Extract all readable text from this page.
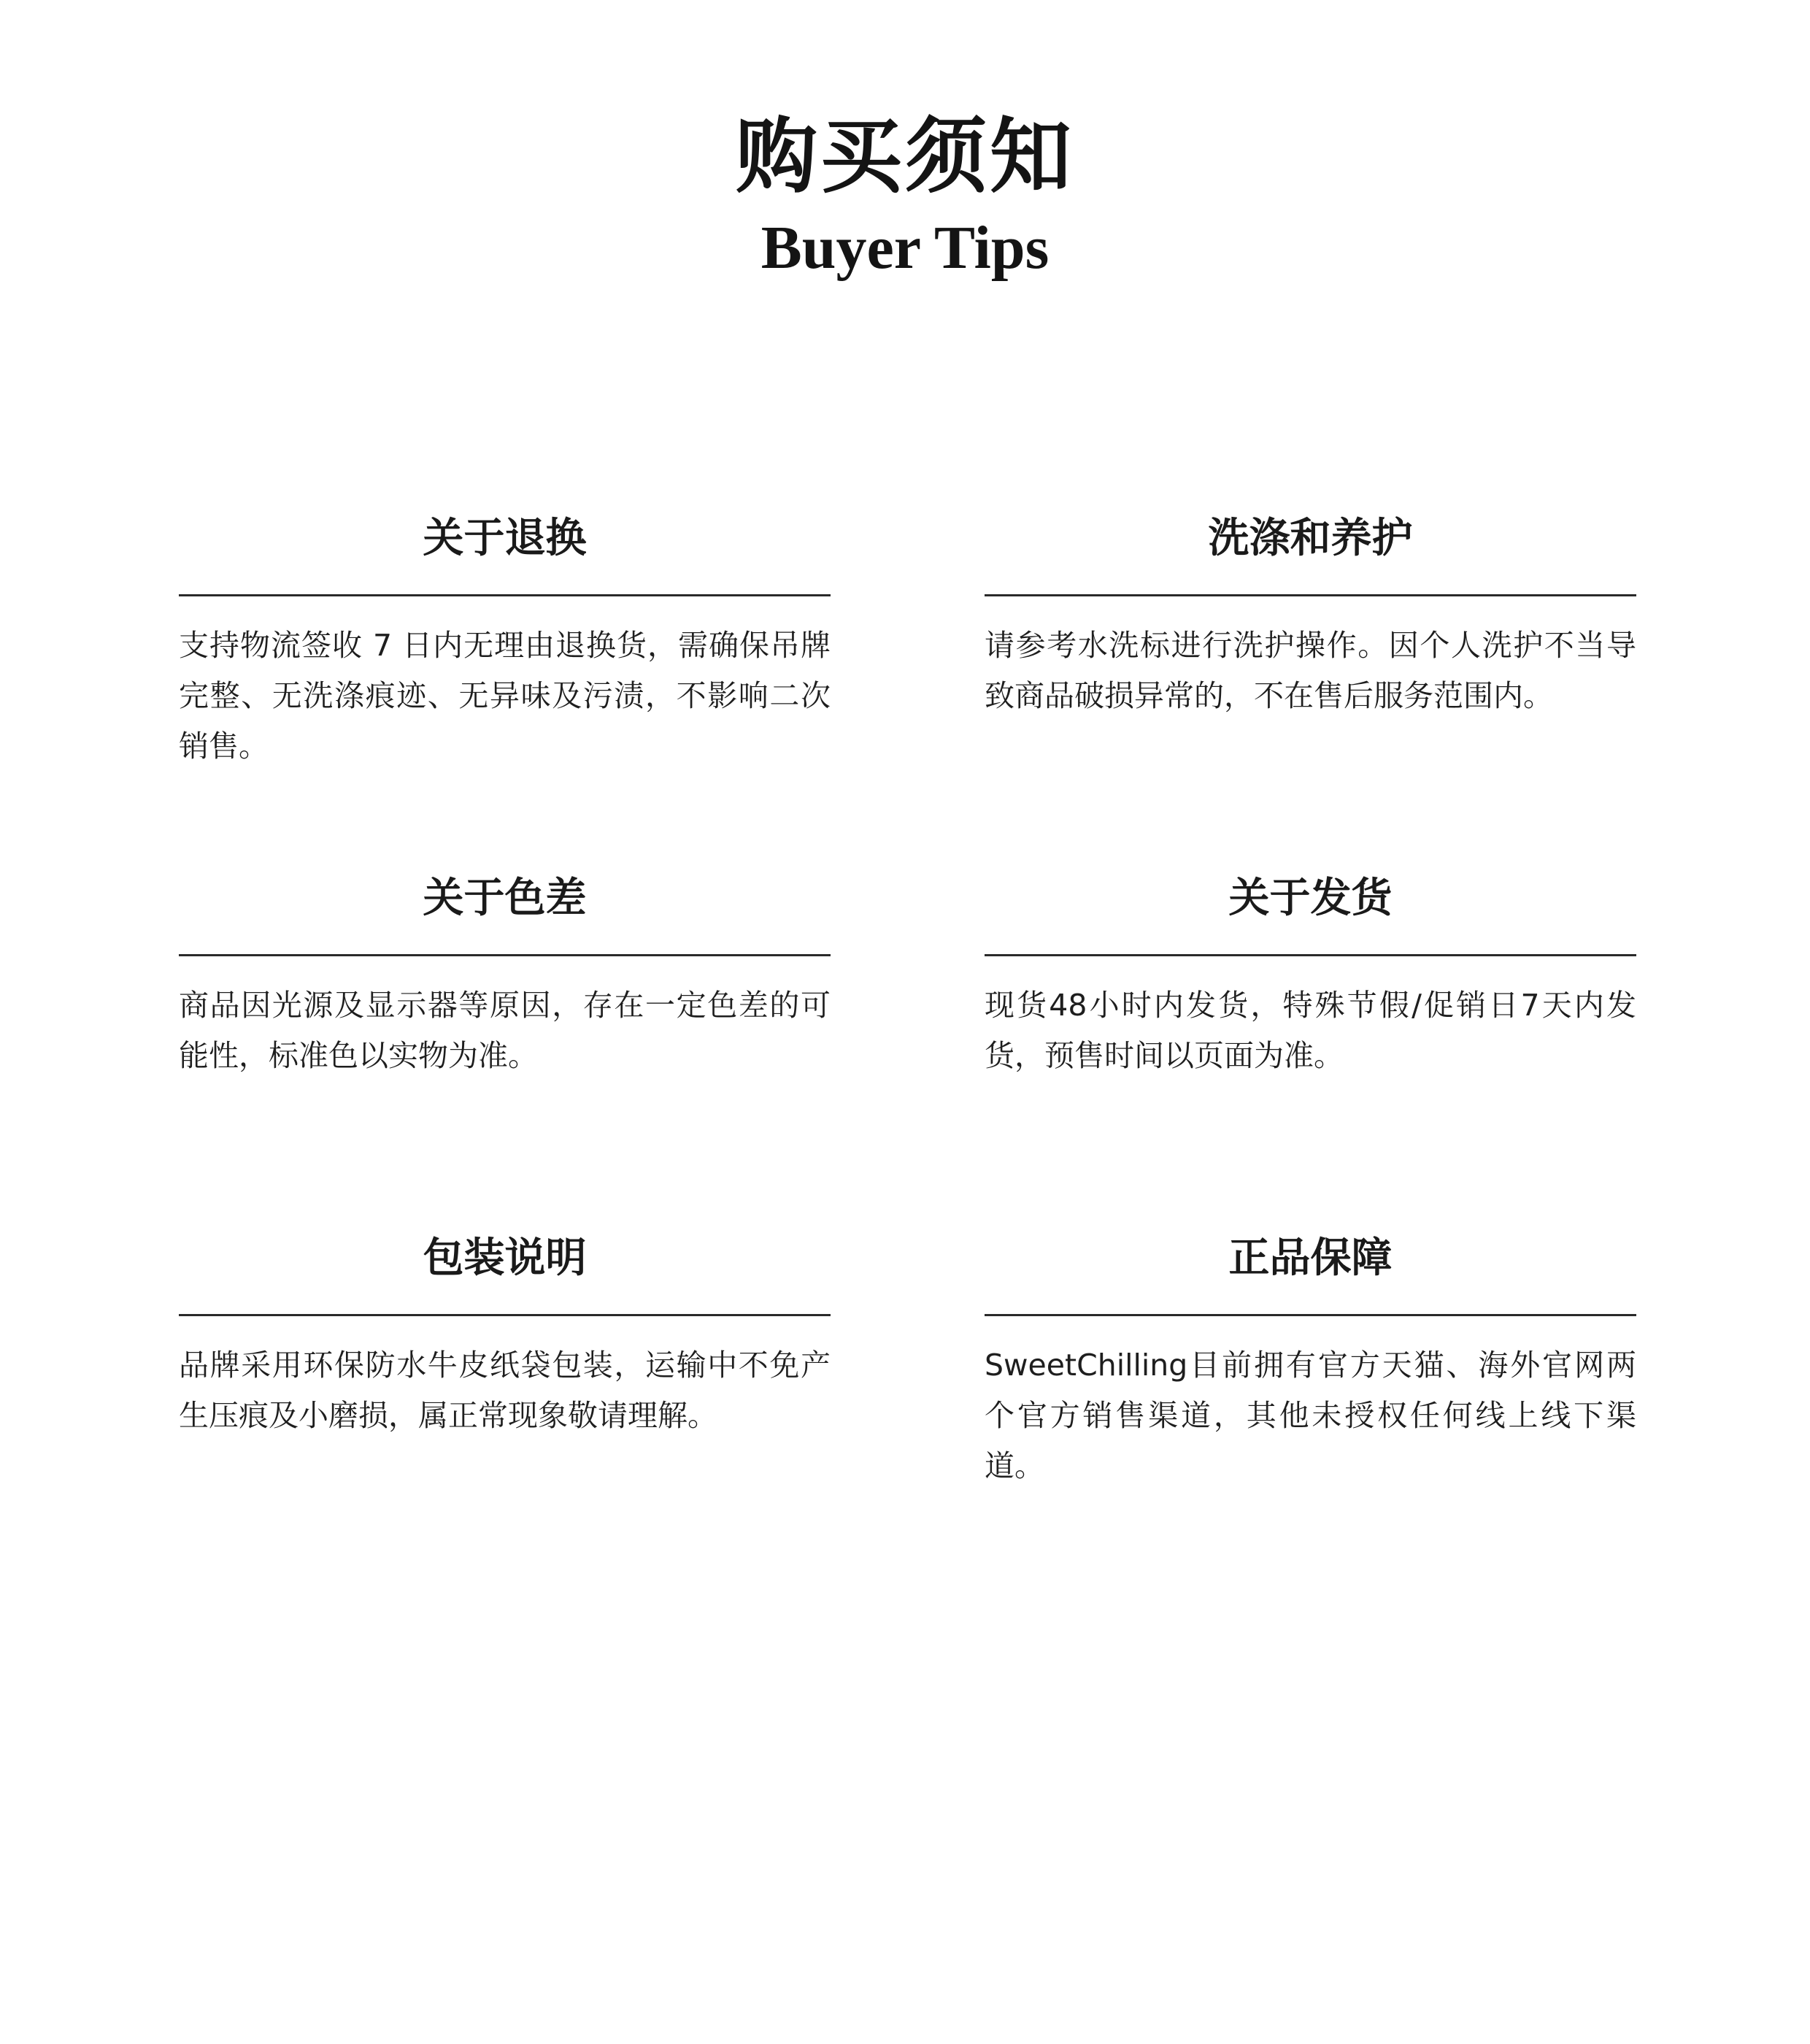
购买须知
Buyer Tips
关于退换
支持物流签收 7 日内无理由退换货，需确保吊牌完整、无洗涤痕迹、无异味及污渍，不影响二次销售。
洗涤和养护
请参考水洗标进行洗护操作。因个人洗护不当导致商品破损异常的，不在售后服务范围内。
关于色差
商品因光源及显示器等原因，存在一定色差的可能性，标准色以实物为准。
关于发货
现货48小时内发货，特殊节假/促销日7天内发货，预售时间以页面为准。
包装说明
品牌采用环保防水牛皮纸袋包装，运输中不免产生压痕及小磨损，属正常现象敬请理解。
正品保障
SweetChilling目前拥有官方天猫、海外官网两个官方销售渠道，其他未授权任何线上线下渠道。
